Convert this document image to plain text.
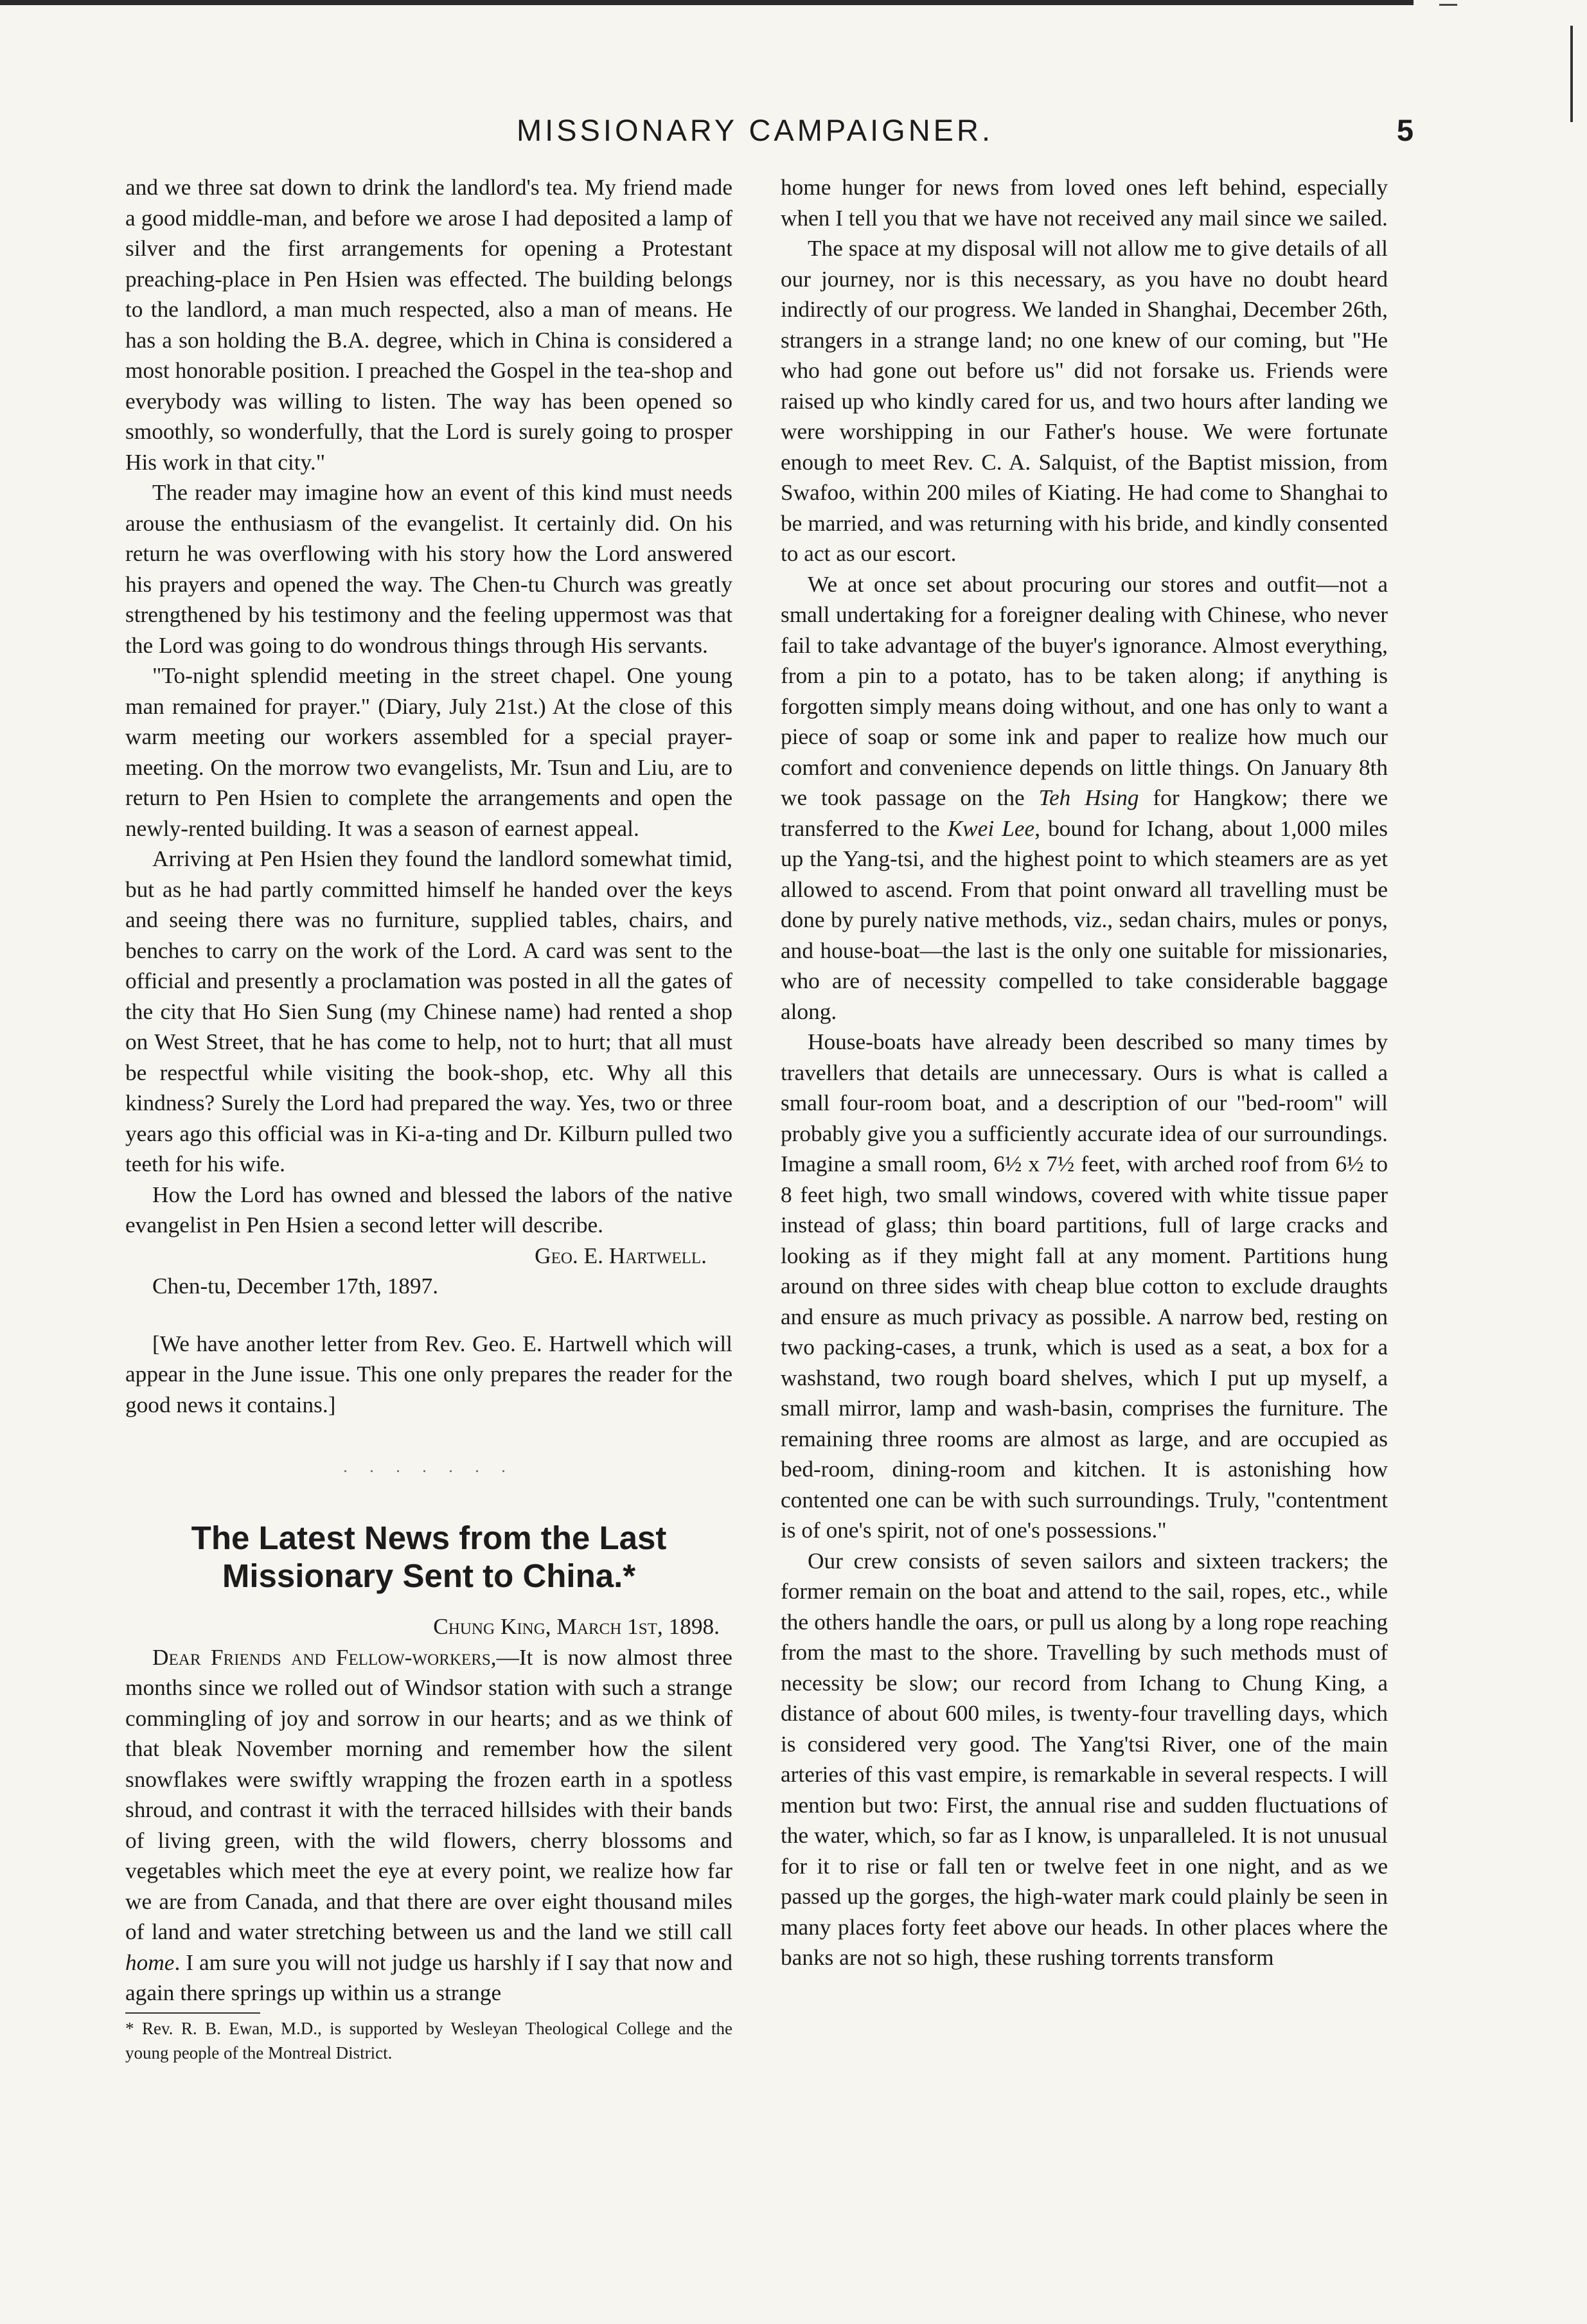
MISSIONARY CAMPAIGNER.	5

and we three sat down to drink the landlord's tea. My friend made a good middle-man, and before we arose I had deposited a lamp of silver and the first arrangements for opening a Protestant preaching-place in Pen Hsien was effected. The building belongs to the landlord, a man much respected, also a man of means. He has a son holding the B.A. degree, which in China is considered a most honorable position. I preached the Gospel in the tea-shop and everybody was willing to listen. The way has been opened so smoothly, so wonderfully, that the Lord is surely going to prosper His work in that city."

The reader may imagine how an event of this kind must needs arouse the enthusiasm of the evangelist. It certainly did. On his return he was overflowing with his story how the Lord answered his prayers and opened the way. The Chen-tu Church was greatly strengthened by his testimony and the feeling uppermost was that the Lord was going to do wondrous things through His servants.

"To-night splendid meeting in the street chapel. One young man remained for prayer." (Diary, July 21st.) At the close of this warm meeting our workers assembled for a special prayer-meeting. On the morrow two evangelists, Mr. Tsun and Liu, are to return to Pen Hsien to complete the arrangements and open the newly-rented building. It was a season of earnest appeal.

Arriving at Pen Hsien they found the landlord somewhat timid, but as he had partly committed himself he handed over the keys and seeing there was no furniture, supplied tables, chairs, and benches to carry on the work of the Lord. A card was sent to the official and presently a proclamation was posted in all the gates of the city that Ho Sien Sung (my Chinese name) had rented a shop on West Street, that he has come to help, not to hurt; that all must be respectful while visiting the book-shop, etc. Why all this kindness? Surely the Lord had prepared the way. Yes, two or three years ago this official was in Ki-a-ting and Dr. Kilburn pulled two teeth for his wife.

How the Lord has owned and blessed the labors of the native evangelist in Pen Hsien a second letter will describe.

Geo. E. Hartwell.

Chen-tu, December 17th, 1897.

[We have another letter from Rev. Geo. E. Hartwell which will appear in the June issue. This one only prepares the reader for the good news it contains.]

. . . . . . .
The Latest News from the Last Missionary Sent to China.*

Chung King, March 1st, 1898.

Dear Friends and Fellow-workers,—It is now almost three months since we rolled out of Windsor station with such a strange commingling of joy and sorrow in our hearts; and as we think of that bleak November morning and remember how the silent snowflakes were swiftly wrapping the frozen earth in a spotless shroud, and contrast it with the terraced hillsides with their bands of living green, with the wild flowers, cherry blossoms and vegetables which meet the eye at every point, we realize how far we are from Canada, and that there are over eight thousand miles of land and water stretching between us and the land we still call home. I am sure you will not judge us harshly if I say that now and again there springs up within us a strange

* Rev. R. B. Ewan, M.D., is supported by Wesleyan Theological College and the young people of the Montreal District.

home hunger for news from loved ones left behind, especially when I tell you that we have not received any mail since we sailed.

The space at my disposal will not allow me to give details of all our journey, nor is this necessary, as you have no doubt heard indirectly of our progress. We landed in Shanghai, December 26th, strangers in a strange land; no one knew of our coming, but "He who had gone out before us" did not forsake us. Friends were raised up who kindly cared for us, and two hours after landing we were worshipping in our Father's house. We were fortunate enough to meet Rev. C. A. Salquist, of the Baptist mission, from Swafoo, within 200 miles of Kiating. He had come to Shanghai to be married, and was returning with his bride, and kindly consented to act as our escort.

We at once set about procuring our stores and outfit—not a small undertaking for a foreigner dealing with Chinese, who never fail to take advantage of the buyer's ignorance. Almost everything, from a pin to a potato, has to be taken along; if anything is forgotten simply means doing without, and one has only to want a piece of soap or some ink and paper to realize how much our comfort and convenience depends on little things. On January 8th we took passage on the Teh Hsing for Hangkow; there we transferred to the Kwei Lee, bound for Ichang, about 1,000 miles up the Yang-tsi, and the highest point to which steamers are as yet allowed to ascend. From that point onward all travelling must be done by purely native methods, viz., sedan chairs, mules or ponys, and house-boat—the last is the only one suitable for missionaries, who are of necessity compelled to take considerable baggage along.

House-boats have already been described so many times by travellers that details are unnecessary. Ours is what is called a small four-room boat, and a description of our "bed-room" will probably give you a sufficiently accurate idea of our surroundings. Imagine a small room, 6½ x 7½ feet, with arched roof from 6½ to 8 feet high, two small windows, covered with white tissue paper instead of glass; thin board partitions, full of large cracks and looking as if they might fall at any moment. Partitions hung around on three sides with cheap blue cotton to exclude draughts and ensure as much privacy as possible. A narrow bed, resting on two packing-cases, a trunk, which is used as a seat, a box for a washstand, two rough board shelves, which I put up myself, a small mirror, lamp and wash-basin, comprises the furniture. The remaining three rooms are almost as large, and are occupied as bed-room, dining-room and kitchen. It is astonishing how contented one can be with such surroundings. Truly, "contentment is of one's spirit, not of one's possessions."

Our crew consists of seven sailors and sixteen trackers; the former remain on the boat and attend to the sail, ropes, etc., while the others handle the oars, or pull us along by a long rope reaching from the mast to the shore. Travelling by such methods must of necessity be slow; our record from Ichang to Chung King, a distance of about 600 miles, is twenty-four travelling days, which is considered very good. The Yang'tsi River, one of the main arteries of this vast empire, is remarkable in several respects. I will mention but two: First, the annual rise and sudden fluctuations of the water, which, so far as I know, is unparalleled. It is not unusual for it to rise or fall ten or twelve feet in one night, and as we passed up the gorges, the high-water mark could plainly be seen in many places forty feet above our heads. In other places where the banks are not so high, these rushing torrents transform
